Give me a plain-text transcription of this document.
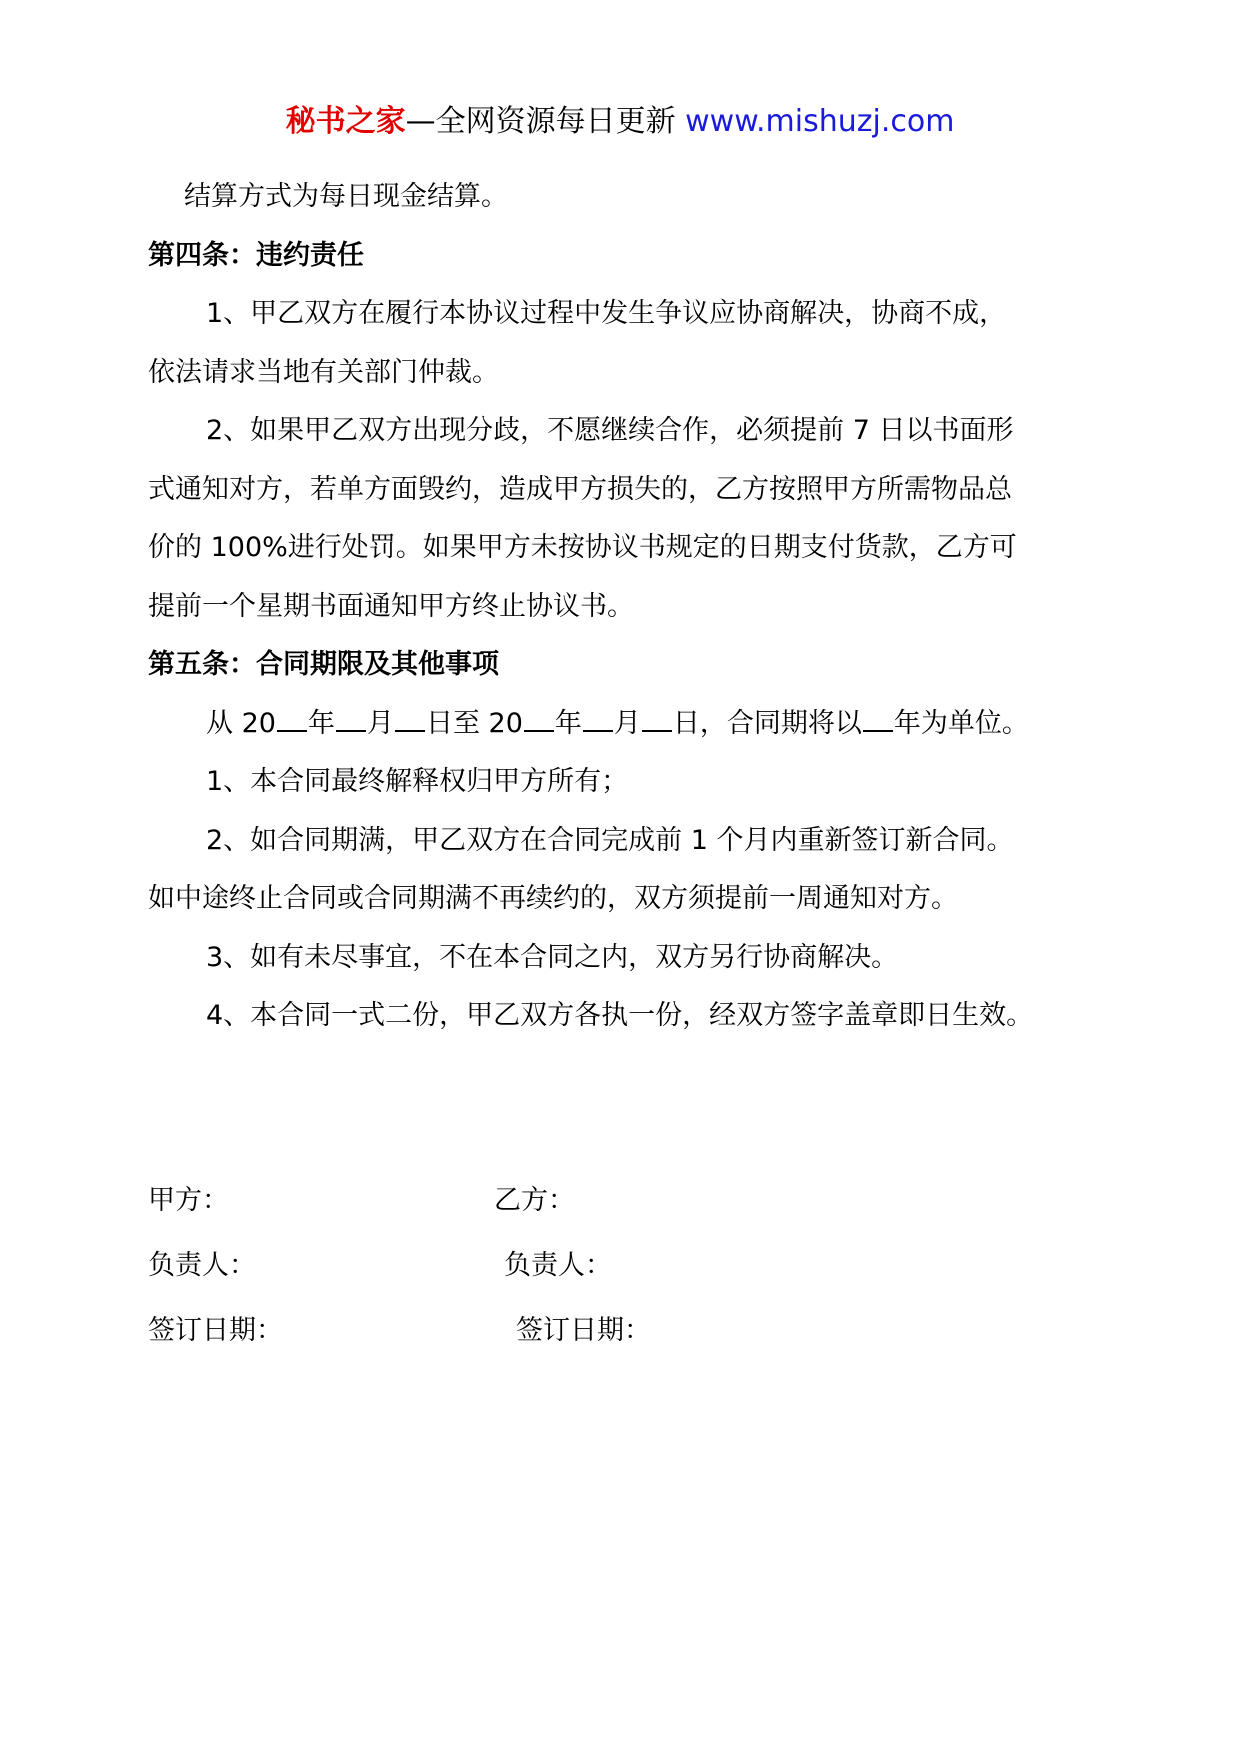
秘书之家—全网资源每日更新 www.mishuzj.com
结算方式为每日现金结算。
第四条：违约责任
1、甲乙双方在履行本协议过程中发生争议应协商解决，协商不成，
依法请求当地有关部门仲裁。
2、如果甲乙双方出现分歧，不愿继续合作，必须提前 7 日以书面形
式通知对方，若单方面毁约，造成甲方损失的，乙方按照甲方所需物品总
价的 100%进行处罚。如果甲方未按协议书规定的日期支付货款，乙方可
提前一个星期书面通知甲方终止协议书。
第五条：合同期限及其他事项
从 20 年 月 日至 20 年 月 日，合同期将以 年为单位。
1、本合同最终解释权归甲方所有；
2、如合同期满，甲乙双方在合同完成前 1 个月内重新签订新合同。
如中途终止合同或合同期满不再续约的，双方须提前一周通知对方。
3、如有未尽事宜，不在本合同之内，双方另行协商解决。
4、本合同一式二份，甲乙双方各执一份，经双方签字盖章即日生效。
甲方：	乙方：
负责人：	负责人：
签订日期：	签订日期：
